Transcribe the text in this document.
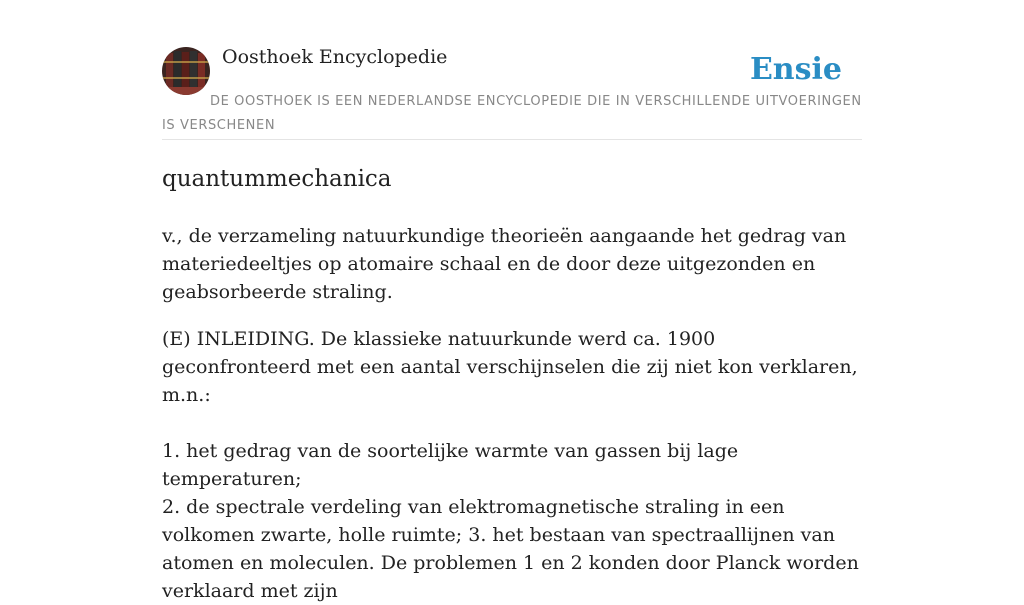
Oosthoek Encyclopedie	Ensie
DE OOSTHOEK IS EEN NEDERLANDSE ENCYCLOPEDIE DIE IN VERSCHILLENDE UITVOERINGEN IS VERSCHENEN
quantummechanica

v., de verzameling natuurkundige theorieën aangaande het gedrag van materiedeeltjes op atomaire schaal en de door deze uitgezonden en geabsorbeerde straling.

(E) INLEIDING. De klassieke natuurkunde werd ca. 1900 geconfronteerd met een aantal verschijnselen die zij niet kon verklaren, m.n.:

1. het gedrag van de soortelijke warmte van gassen bij lage temperaturen;

2. de spectrale verdeling van elektromagnetische straling in een volkomen zwarte, holle ruimte; 3. het bestaan van spectraallijnen van atomen en moleculen. De problemen 1 en 2 konden door Planck worden verklaard met zijn
